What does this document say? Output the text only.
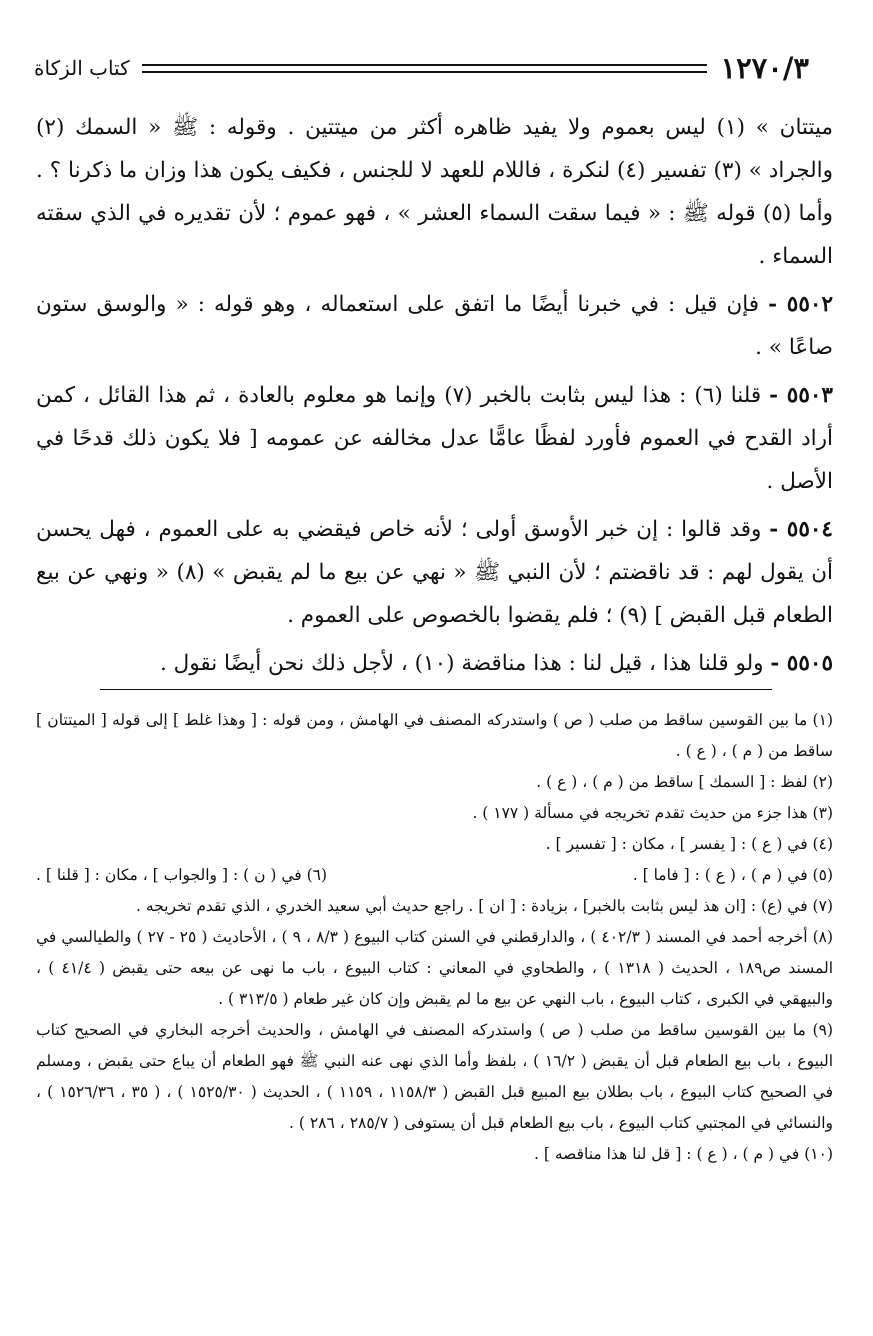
١٢٧٠/٣
كتاب الزكاة

ميتتان » (١) ليس بعموم ولا يفيد ظاهره أكثر من ميتتين . وقوله : ﷺ « السمك (٢) والجراد » (٣) تفسير (٤) لنكرة ، فاللام للعهد لا للجنس ، فكيف يكون هذا وزان ما ذكرنا ؟ . وأما (٥) قوله ﷺ : « فيما سقت السماء العشر » ، فهو عموم ؛ لأن تقديره في الذي سقته السماء .

٥٥٠٢ - فإن قيل : في خبرنا أيضًا ما اتفق على استعماله ، وهو قوله : « والوسق ستون صاعًا » .

٥٥٠٣ - قلنا (٦) : هذا ليس بثابت بالخبر (٧) وإنما هو معلوم بالعادة ، ثم هذا القائل ، كمن أراد القدح في العموم فأورد لفظًا عامًّا عدل مخالفه عن عمومه [ فلا يكون ذلك قدحًا في الأصل .

٥٥٠٤ - وقد قالوا : إن خبر الأوسق أولى ؛ لأنه خاص فيقضي به على العموم ، فهل يحسن أن يقول لهم : قد ناقضتم ؛ لأن النبي ﷺ « نهي عن بيع ما لم يقبض » (٨) « ونهي عن بيع الطعام قبل القبض ] (٩) ؛ فلم يقضوا بالخصوص على العموم .

٥٥٠٥ - ولو قلنا هذا ، قيل لنا : هذا مناقضة (١٠) ، لأجل ذلك نحن أيضًا نقول .

(١) ما بين القوسين ساقط من صلب ( ص ) واستدركه المصنف في الهامش ، ومن قوله : [ وهذا غلط ] إلى قوله [ الميتتان ] ساقط من ( م ) ، ( ع ) .

(٢) لفظ : [ السمك ] ساقط من ( م ) ، ( ع ) .

(٣) هذا جزء من حديث تقدم تخريجه في مسألة ( ١٧٧ ) .

(٤) في ( ع ) : [ يفسر ] ، مكان : [ تفسير ] .

(٥) في ( م ) ، ( ع ) : [ فاما ] .
(٦) في ( ن ) : [ والجواب ] ، مكان : [ قلنا ] .

(٧) في (ع) : [ان هذ ليس بثابت بالخبر] ، بزيادة : [ ان ] . راجع حديث أبي سعيد الخدري ، الذي تقدم تخريجه .

(٨) أخرجه أحمد في المسند ( ٤٠٢/٣ ) ، والدارقطني في السنن كتاب البيوع ( ٨/٣ ، ٩ ) ، الأحاديث ( ٢٥ - ٢٧ ) والطيالسي في المسند ص١٨٩ ، الحديث ( ١٣١٨ ) ، والطحاوي في المعاني : كتاب البيوع ، باب ما نهى عن بيعه حتى يقبض ( ٤١/٤ ) ، والبيهقي في الكبرى ، كتاب البيوع ، باب النهي عن بيع ما لم يقبض وإن كان غير طعام ( ٣١٣/٥ ) .

(٩) ما بين القوسين ساقط من صلب ( ص ) واستدركه المصنف في الهامش ، والحديث أخرجه البخاري في الصحيح كتاب البيوع ، باب بيع الطعام قبل أن يقبض ( ١٦/٢ ) ، بلفظ وأما الذي نهى عنه النبي ﷺ فهو الطعام أن يباع حتى يقبض ، ومسلم في الصحيح كتاب البيوع ، باب بطلان بيع المبيع قبل القبض ( ١١٥٨/٣ ، ١١٥٩ ) ، الحديث ( ١٥٢٥/٣٠ ) ، ( ٣٥ ، ١٥٢٦/٣٦ ) ، والنسائي في المجتبي كتاب البيوع ، باب بيع الطعام قبل أن يستوفى ( ٢٨٥/٧ ، ٢٨٦ ) .

(١٠) في ( م ) ، ( ع ) : [ قل لنا هذا مناقصه ] .
